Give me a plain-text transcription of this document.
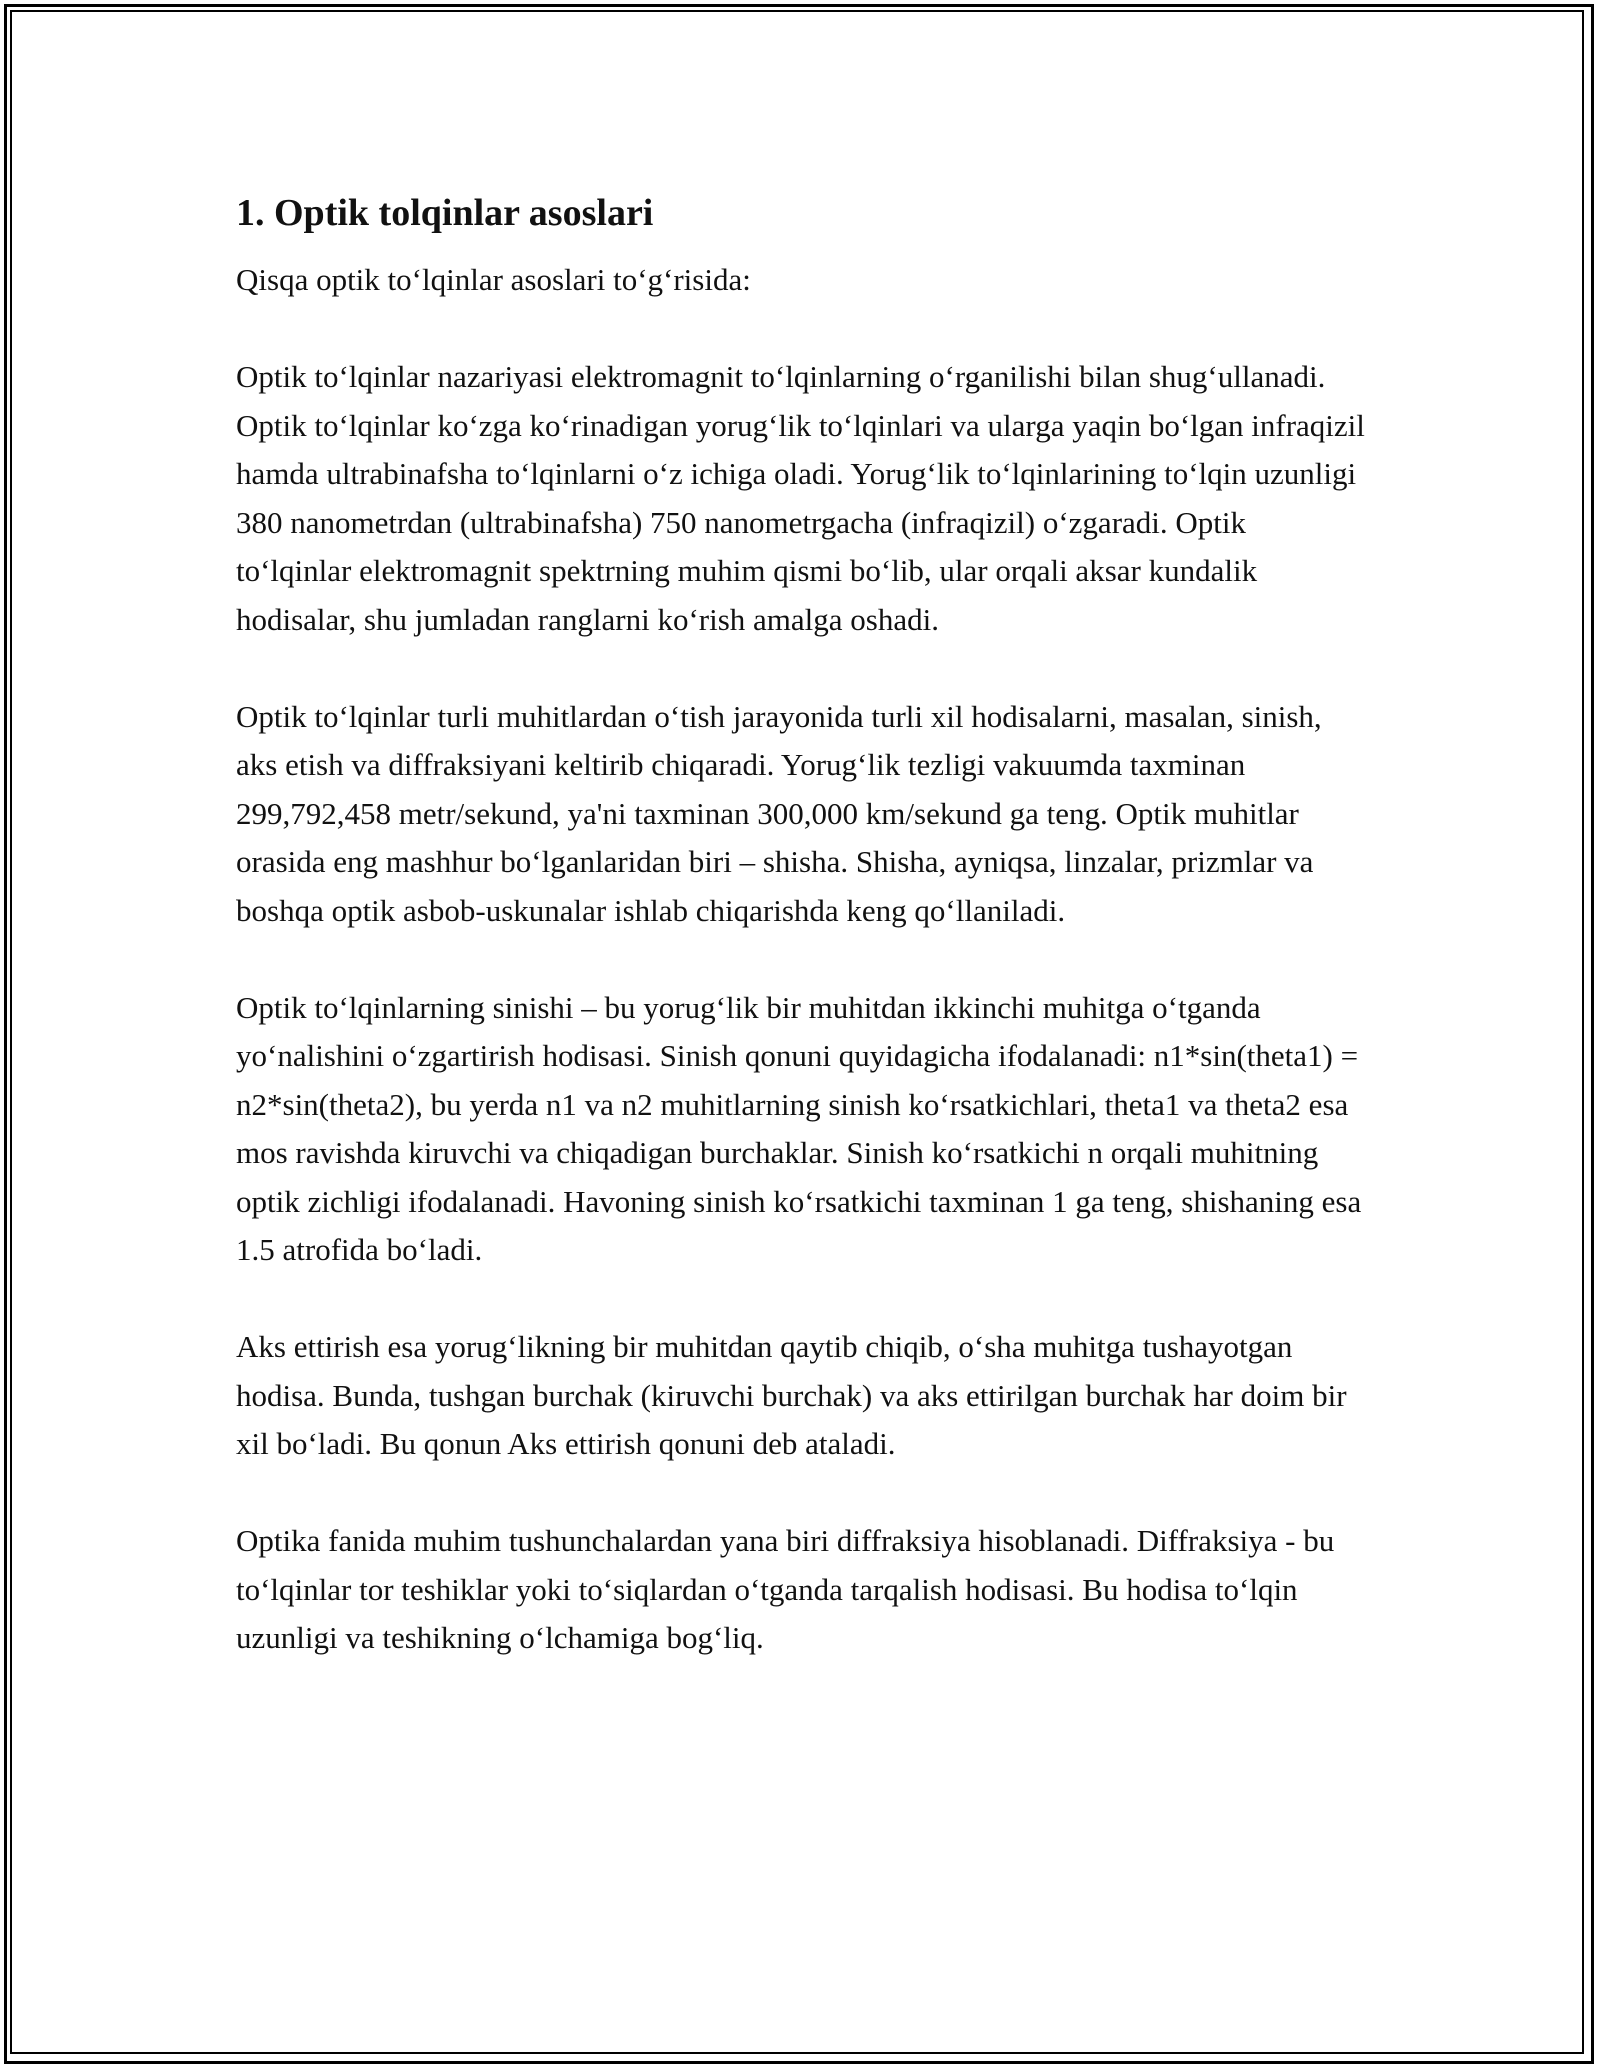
1. Optik tolqinlar asoslari

Qisqa optik to‘lqinlar asoslari to‘g‘risida:

Optik to‘lqinlar nazariyasi elektromagnit to‘lqinlarning o‘rganilishi bilan shug‘ullanadi. Optik to‘lqinlar ko‘zga ko‘rinadigan yorug‘lik to‘lqinlari va ularga yaqin bo‘lgan infraqizil hamda ultrabinafsha to‘lqinlarni o‘z ichiga oladi. Yorug‘lik to‘lqinlarining to‘lqin uzunligi 380 nanometrdan (ultrabinafsha) 750 nanometrgacha (infraqizil) o‘zgaradi. Optik to‘lqinlar elektromagnit spektrning muhim qismi bo‘lib, ular orqali aksar kundalik hodisalar, shu jumladan ranglarni ko‘rish amalga oshadi.

Optik to‘lqinlar turli muhitlardan o‘tish jarayonida turli xil hodisalarni, masalan, sinish, aks etish va diffraksiyani keltirib chiqaradi. Yorug‘lik tezligi vakuumda taxminan 299,792,458 metr/sekund, ya'ni taxminan 300,000 km/sekund ga teng. Optik muhitlar orasida eng mashhur bo‘lganlaridan biri – shisha. Shisha, ayniqsa, linzalar, prizmlar va boshqa optik asbob-uskunalar ishlab chiqarishda keng qo‘llaniladi.

Optik to‘lqinlarning sinishi – bu yorug‘lik bir muhitdan ikkinchi muhitga o‘tganda yo‘nalishini o‘zgartirish hodisasi. Sinish qonuni quyidagicha ifodalanadi: n1*sin(theta1) = n2*sin(theta2), bu yerda n1 va n2 muhitlarning sinish ko‘rsatkichlari, theta1 va theta2 esa mos ravishda kiruvchi va chiqadigan burchaklar. Sinish ko‘rsatkichi n orqali muhitning optik zichligi ifodalanadi. Havoning sinish ko‘rsatkichi taxminan 1 ga teng, shishaning esa 1.5 atrofida bo‘ladi.

Aks ettirish esa yorug‘likning bir muhitdan qaytib chiqib, o‘sha muhitga tushayotgan hodisa. Bunda, tushgan burchak (kiruvchi burchak) va aks ettirilgan burchak har doim bir xil bo‘ladi. Bu qonun Aks ettirish qonuni deb ataladi.

Optika fanida muhim tushunchalardan yana biri diffraksiya hisoblanadi. Diffraksiya - bu to‘lqinlar tor teshiklar yoki to‘siqlardan o‘tganda tarqalish hodisasi. Bu hodisa to‘lqin uzunligi va teshikning o‘lchamiga bog‘liq.
